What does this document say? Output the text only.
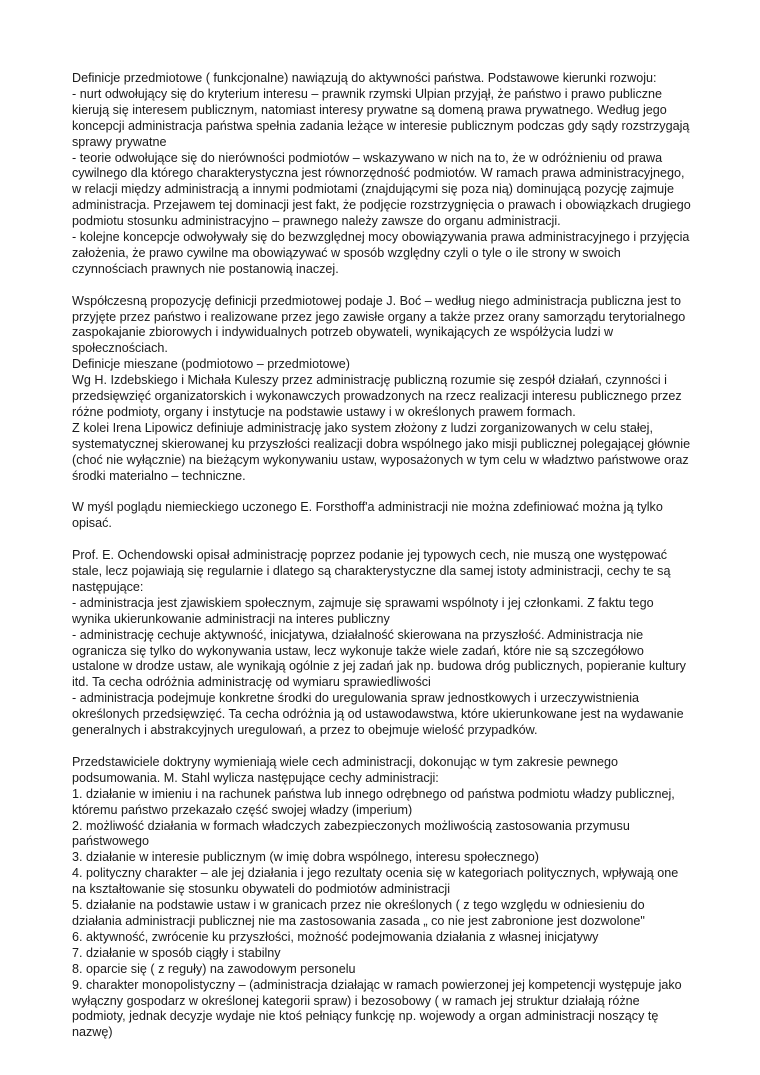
Definicje przedmiotowe ( funkcjonalne) nawiązują do aktywności państwa. Podstawowe kierunki rozwoju:
- nurt odwołujący się do kryterium interesu – prawnik rzymski Ulpian przyjął, że państwo i prawo publiczne kierują się interesem publicznym, natomiast interesy prywatne są domeną prawa prywatnego. Według jego koncepcji administracja państwa spełnia zadania leżące w interesie publicznym podczas gdy sądy rozstrzygają sprawy prywatne
- teorie odwołujące się do nierówności podmiotów – wskazywano w nich na to, że w odróżnieniu od prawa cywilnego dla którego charakterystyczna jest równorzędność podmiotów. W ramach prawa administracyjnego, w relacji między administracją a innymi podmiotami (znajdującymi się poza nią) dominującą pozycję zajmuje administracja. Przejawem tej dominacji jest fakt, że podjęcie rozstrzygnięcia o prawach i obowiązkach drugiego podmiotu stosunku administracyjno – prawnego należy zawsze do organu administracji.
- kolejne koncepcje odwoływały się do bezwzględnej mocy obowiązywania prawa administracyjnego i przyjęcia założenia, że prawo cywilne ma obowiązywać w sposób względny czyli o tyle o ile strony w swoich czynnościach prawnych nie postanowią inaczej.
Współczesną propozycję definicji przedmiotowej podaje J. Boć – według niego administracja publiczna jest to przyjęte przez państwo i realizowane przez jego zawisłe organy a także przez orany samorządu terytorialnego zaspokajanie zbiorowych i indywidualnych potrzeb obywateli, wynikających ze współżycia ludzi w społecznościach.
Definicje mieszane (podmiotowo – przedmiotowe)
Wg H. Izdebskiego i Michała Kuleszy przez administrację publiczną rozumie się zespół działań, czynności i przedsięwzięć organizatorskich i wykonawczych prowadzonych na rzecz realizacji interesu publicznego przez różne podmioty, organy i instytucje na podstawie ustawy i w określonych prawem formach.
Z kolei Irena Lipowicz definiuje administrację jako system złożony z ludzi zorganizowanych w celu stałej, systematycznej skierowanej ku przyszłości realizacji dobra wspólnego jako misji publicznej polegającej głównie (choć nie wyłącznie) na bieżącym wykonywaniu ustaw, wyposażonych w tym celu w władztwo państwowe oraz środki materialno – techniczne.
W myśl poglądu niemieckiego uczonego E. Forsthoff'a administracji nie można zdefiniować można ją tylko opisać.
Prof. E. Ochendowski opisał administrację poprzez podanie jej typowych cech, nie muszą one występować stale, lecz pojawiają się regularnie i dlatego są charakterystyczne dla samej istoty administracji, cechy te są następujące:
- administracja jest zjawiskiem społecznym, zajmuje się sprawami wspólnoty i jej członkami. Z faktu tego wynika ukierunkowanie administracji na interes publiczny
- administrację cechuje aktywność, inicjatywa, działalność skierowana na przyszłość. Administracja nie ogranicza się tylko do wykonywania ustaw, lecz wykonuje także wiele zadań, które nie są szczegółowo ustalone w drodze ustaw, ale wynikają ogólnie z jej zadań jak np. budowa dróg publicznych, popieranie kultury itd. Ta cecha odróżnia administrację od wymiaru sprawiedliwości
- administracja podejmuje konkretne środki do uregulowania spraw jednostkowych i urzeczywistnienia określonych przedsięwzięć. Ta cecha odróżnia ją od ustawodawstwa, które ukierunkowane jest na wydawanie generalnych i abstrakcyjnych uregulowań, a przez to obejmuje wielość przypadków.
Przedstawiciele doktryny wymieniają wiele cech administracji, dokonując w tym zakresie pewnego podsumowania. M. Stahl wylicza następujące cechy administracji:
1. działanie w imieniu i na rachunek państwa lub innego odrębnego od państwa podmiotu władzy publicznej, któremu państwo przekazało część swojej władzy (imperium)
2. możliwość działania w formach władczych zabezpieczonych możliwością zastosowania przymusu państwowego
3. działanie w interesie publicznym (w imię dobra wspólnego, interesu społecznego)
4. polityczny charakter – ale jej działania i jego rezultaty ocenia się w kategoriach politycznych, wpływają one na kształtowanie się stosunku obywateli do podmiotów administracji
5. działanie na podstawie ustaw i w granicach przez nie określonych ( z tego względu w odniesieniu do działania administracji publicznej nie ma zastosowania zasada „ co nie jest zabronione jest dozwolone"
6. aktywność, zwrócenie ku przyszłości, możność podejmowania działania z własnej inicjatywy
7. działanie w sposób ciągły i stabilny
8. oparcie się ( z reguły) na zawodowym personelu
9. charakter monopolistyczny – (administracja działając w ramach powierzonej jej kompetencji występuje jako wyłączny gospodarz w określonej kategorii spraw) i bezosobowy ( w ramach jej struktur działają różne podmioty, jednak decyzje wydaje nie ktoś pełniący funkcję np. wojewody a organ administracji noszący tę nazwę)
